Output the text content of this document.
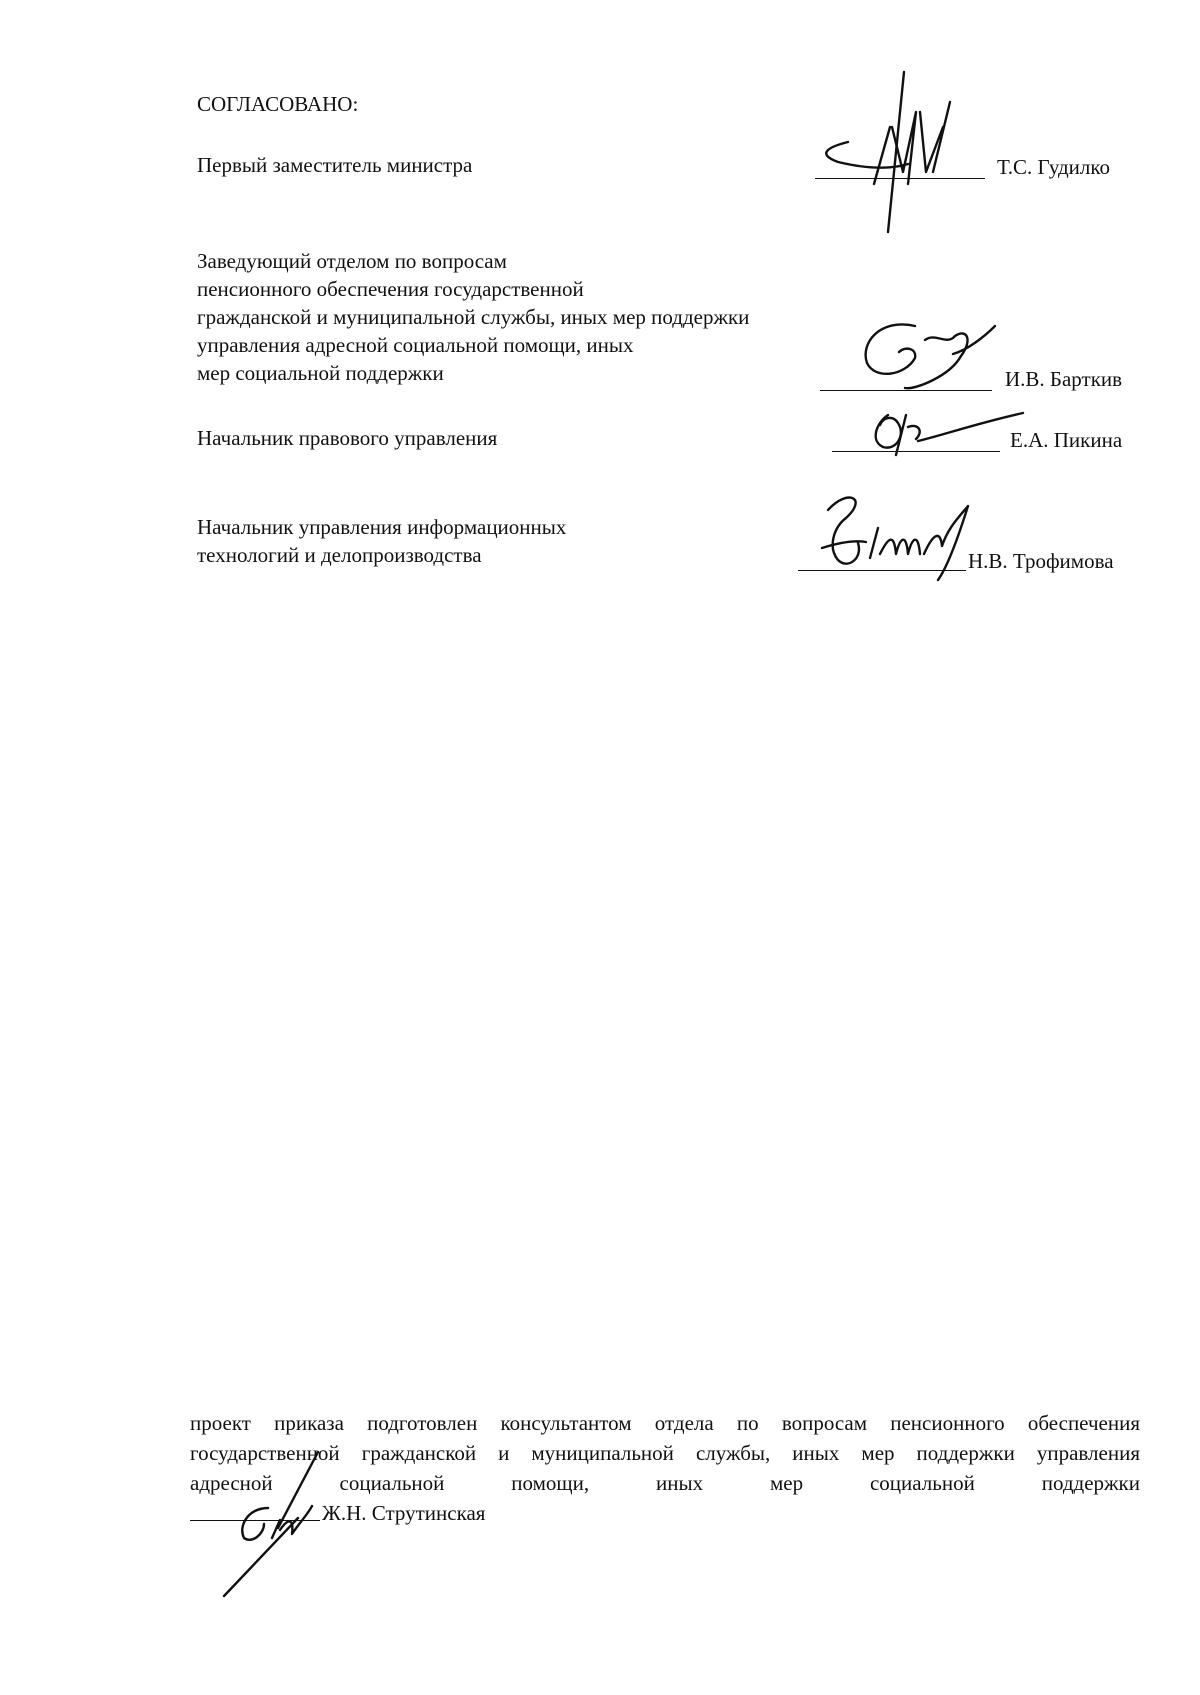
СОГЛАСОВАНО:
Первый заместитель министра	Т.С. Гудилко
Заведующий отделом по вопросам
пенсионного обеспечения государственной
гражданской и муниципальной службы, иных мер поддержки
управления адресной социальной помощи, иных
мер социальной поддержки	И.В. Барткив
Начальник правового управления	Е.А. Пикина
Начальник управления информационных
технологий и делопроизводства	Н.В. Трофимова
проект приказа подготовлен консультантом отдела по вопросам пенсионного обеспечения
государственной гражданской и муниципальной службы, иных мер поддержки управления
адресной социальной помощи, иных мер социальной поддержки
Ж.Н. Струтинская
